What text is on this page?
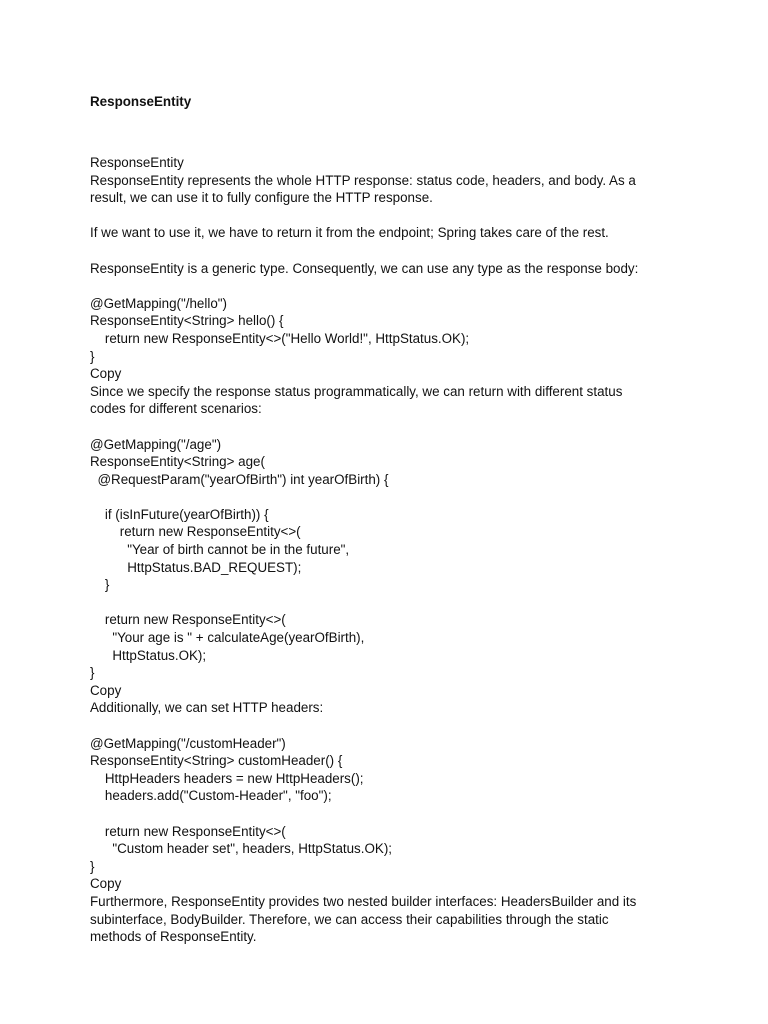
ResponseEntity
ResponseEntity
ResponseEntity represents the whole HTTP response: status code, headers, and body. As a
result, we can use it to fully configure the HTTP response.
If we want to use it, we have to return it from the endpoint; Spring takes care of the rest.
ResponseEntity is a generic type. Consequently, we can use any type as the response body:
@GetMapping("/hello")
ResponseEntity<String> hello() {
return new ResponseEntity<>("Hello World!", HttpStatus.OK);
}
Copy
Since we specify the response status programmatically, we can return with different status
codes for different scenarios:
@GetMapping("/age")
ResponseEntity<String> age(
@RequestParam("yearOfBirth") int yearOfBirth) {
if (isInFuture(yearOfBirth)) {
return new ResponseEntity<>(
"Year of birth cannot be in the future",
HttpStatus.BAD_REQUEST);
}
return new ResponseEntity<>(
"Your age is " + calculateAge(yearOfBirth),
HttpStatus.OK);
}
Copy
Additionally, we can set HTTP headers:
@GetMapping("/customHeader")
ResponseEntity<String> customHeader() {
HttpHeaders headers = new HttpHeaders();
headers.add("Custom-Header", "foo");
return new ResponseEntity<>(
"Custom header set", headers, HttpStatus.OK);
}
Copy
Furthermore, ResponseEntity provides two nested builder interfaces: HeadersBuilder and its
subinterface, BodyBuilder. Therefore, we can access their capabilities through the static
methods of ResponseEntity.
